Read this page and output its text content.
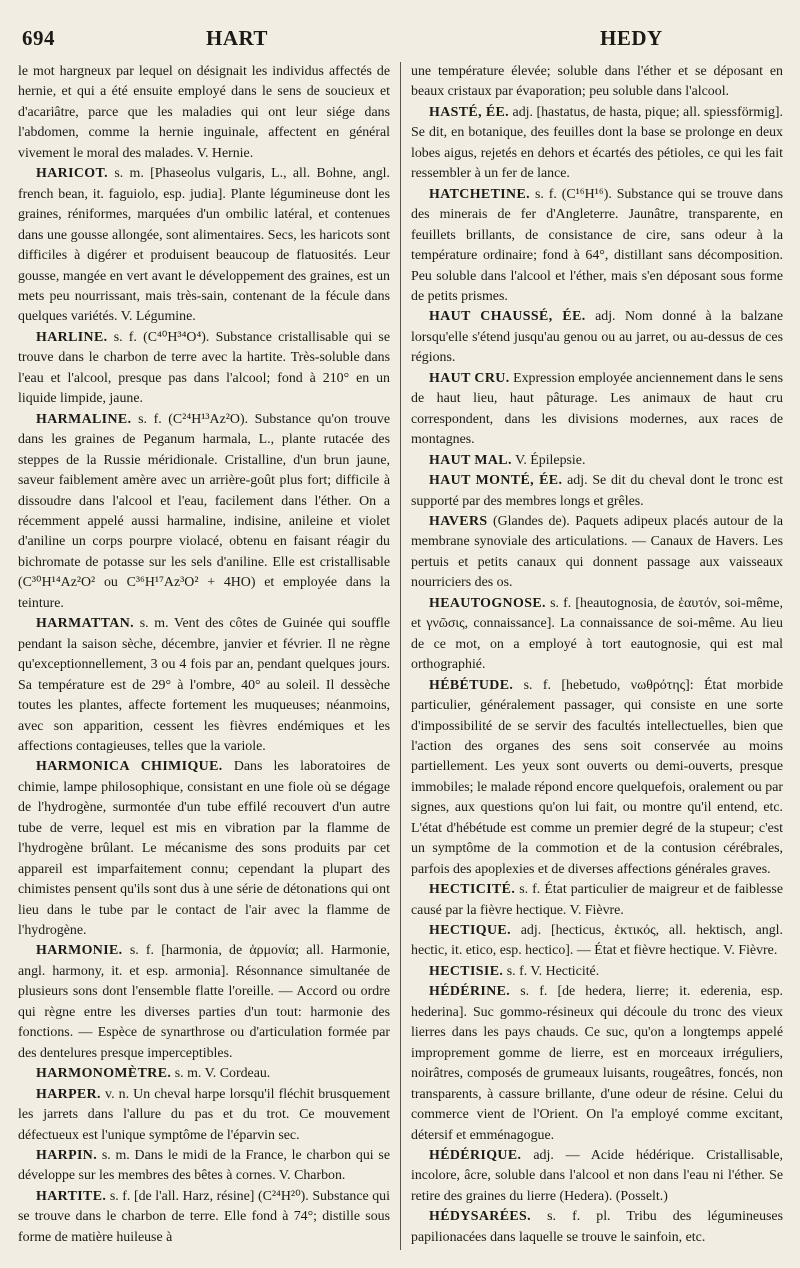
694	HART	HEDY

le mot hargneux par lequel on désignait les individus affectés de hernie, et qui a été ensuite employé dans le sens de soucieux et d'acariâtre, parce que les maladies qui ont leur siége dans l'abdomen, comme la hernie inguinale, affectent en général vivement le moral des malades. V. Hernie.

HARICOT. s. m. [Phaseolus vulgaris, L., all. Bohne, angl. french bean, it. faguiolo, esp. judia]. Plante légumineuse dont les graines, réniformes, marquées d'un ombilic latéral, et contenues dans une gousse allongée, sont alimentaires. Secs, les haricots sont difficiles à digérer et produisent beaucoup de flatuosités. Leur gousse, mangée en vert avant le développement des graines, est un mets peu nourrissant, mais très-sain, contenant de la fécule dans quelques variétés. V. Légumine.

HARLINE. s. f. (C⁴⁰H³⁴O⁴). Substance cristallisable qui se trouve dans le charbon de terre avec la hartite. Très-soluble dans l'eau et l'alcool, presque pas dans l'alcool; fond à 210° en un liquide limpide, jaune.

HARMALINE. s. f. (C²⁴H¹³Az²O). Substance qu'on trouve dans les graines de Peganum harmala, L., plante rutacée des steppes de la Russie méridionale. Cristalline, d'un brun jaune, saveur faiblement amère avec un arrière-goût plus fort; difficile à dissoudre dans l'alcool et l'eau, facilement dans l'éther. On a récemment appelé aussi harmaline, indisine, anileine et violet d'aniline un corps pourpre violacé, obtenu en faisant réagir du bichromate de potasse sur les sels d'aniline. Elle est cristallisable (C³⁰H¹⁴Az²O² ou C³⁶H¹⁷Az³O² + 4HO) et employée dans la teinture.

HARMATTAN. s. m. Vent des côtes de Guinée qui souffle pendant la saison sèche, décembre, janvier et février. Il ne règne qu'exceptionnellement, 3 ou 4 fois par an, pendant quelques jours. Sa température est de 29° à l'ombre, 40° au soleil. Il dessèche toutes les plantes, affecte fortement les muqueuses; néanmoins, avec son apparition, cessent les fièvres endémiques et les affections contagieuses, telles que la variole.

HARMONICA CHIMIQUE. Dans les laboratoires de chimie, lampe philosophique, consistant en une fiole où se dégage de l'hydrogène, surmontée d'un tube effilé recouvert d'un autre tube de verre, lequel est mis en vibration par la flamme de l'hydrogène brûlant. Le mécanisme des sons produits par cet appareil est imparfaitement connu; cependant la plupart des chimistes pensent qu'ils sont dus à une série de détonations qui ont lieu dans le tube par le contact de l'air avec la flamme de l'hydrogène.

HARMONIE. s. f. [harmonia, de ἁρμονία; all. Harmonie, angl. harmony, it. et esp. armonia]. Résonnance simultanée de plusieurs sons dont l'ensemble flatte l'oreille. — Accord ou ordre qui règne entre les diverses parties d'un tout: harmonie des fonctions. — Espèce de synarthrose ou d'articulation formée par des dentelures presque imperceptibles.

HARMONOMÈTRE. s. m. V. Cordeau.

HARPER. v. n. Un cheval harpe lorsqu'il fléchit brusquement les jarrets dans l'allure du pas et du trot. Ce mouvement défectueux est l'unique symptôme de l'éparvin sec.

HARPIN. s. m. Dans le midi de la France, le charbon qui se développe sur les membres des bêtes à cornes. V. Charbon.

HARTITE. s. f. [de l'all. Harz, résine] (C²⁴H²⁰). Substance qui se trouve dans le charbon de terre. Elle fond à 74°; distille sous forme de matière huileuse à

une température élevée; soluble dans l'éther et se déposant en beaux cristaux par évaporation; peu soluble dans l'alcool.

HASTÉ, ÉE. adj. [hastatus, de hasta, pique; all. spiessförmig]. Se dit, en botanique, des feuilles dont la base se prolonge en deux lobes aigus, rejetés en dehors et écartés des pétioles, ce qui les fait ressembler à un fer de lance.

HATCHETINE. s. f. (C¹⁶H¹⁶). Substance qui se trouve dans des minerais de fer d'Angleterre. Jaunâtre, transparente, en feuillets brillants, de consistance de cire, sans odeur à la température ordinaire; fond à 64°, distillant sans décomposition. Peu soluble dans l'alcool et l'éther, mais s'en déposant sous forme de petits prismes.

HAUT CHAUSSÉ, ÉE. adj. Nom donné à la balzane lorsqu'elle s'étend jusqu'au genou ou au jarret, ou au-dessus de ces régions.

HAUT CRU. Expression employée anciennement dans le sens de haut lieu, haut pâturage. Les animaux de haut cru correspondent, dans les divisions modernes, aux races de montagnes.

HAUT MAL. V. Épilepsie.

HAUT MONTÉ, ÉE. adj. Se dit du cheval dont le tronc est supporté par des membres longs et grêles.

HAVERS (Glandes de). Paquets adipeux placés autour de la membrane synoviale des articulations. — Canaux de Havers. Les pertuis et petits canaux qui donnent passage aux vaisseaux nourriciers des os.

HEAUTOGNOSE. s. f. [heautognosia, de ἑαυτόν, soi-même, et γνῶσις, connaissance]. La connaissance de soi-même. Au lieu de ce mot, on a employé à tort eautognosie, qui est mal orthographié.

HÉBÉTUDE. s. f. [hebetudo, νωθρότης]: État morbide particulier, généralement passager, qui consiste en une sorte d'impossibilité de se servir des facultés intellectuelles, bien que l'action des organes des sens soit conservée au moins partiellement. Les yeux sont ouverts ou demi-ouverts, presque immobiles; le malade répond encore quelquefois, oralement ou par signes, aux questions qu'on lui fait, ou montre qu'il entend, etc. L'état d'hébétude est comme un premier degré de la stupeur; c'est un symptôme de la commotion et de la contusion cérébrales, parfois des apoplexies et de diverses affections générales graves.

HECTICITÉ. s. f. État particulier de maigreur et de faiblesse causé par la fièvre hectique. V. Fièvre.

HECTIQUE. adj. [hecticus, ἑκτικός, all. hektisch, angl. hectic, it. etico, esp. hectico]. — État et fièvre hectique. V. Fièvre.

HECTISIE. s. f. V. Hecticité.

HÉDÉRINE. s. f. [de hedera, lierre; it. ederenia, esp. hederina]. Suc gommo-résineux qui découle du tronc des vieux lierres dans les pays chauds. Ce suc, qu'on a longtemps appelé improprement gomme de lierre, est en morceaux irréguliers, noirâtres, composés de grumeaux luisants, rougeâtres, foncés, non transparents, à cassure brillante, d'une odeur de résine. Celui du commerce vient de l'Orient. On l'a employé comme excitant, détersif et emménagogue.

HÉDÉRIQUE. adj. — Acide hédérique. Cristallisable, incolore, âcre, soluble dans l'alcool et non dans l'eau ni l'éther. Se retire des graines du lierre (Hedera). (Posselt.)

HÉDYSARÉES. s. f. pl. Tribu des légumineuses papilionacées dans laquelle se trouve le sainfoin, etc.
